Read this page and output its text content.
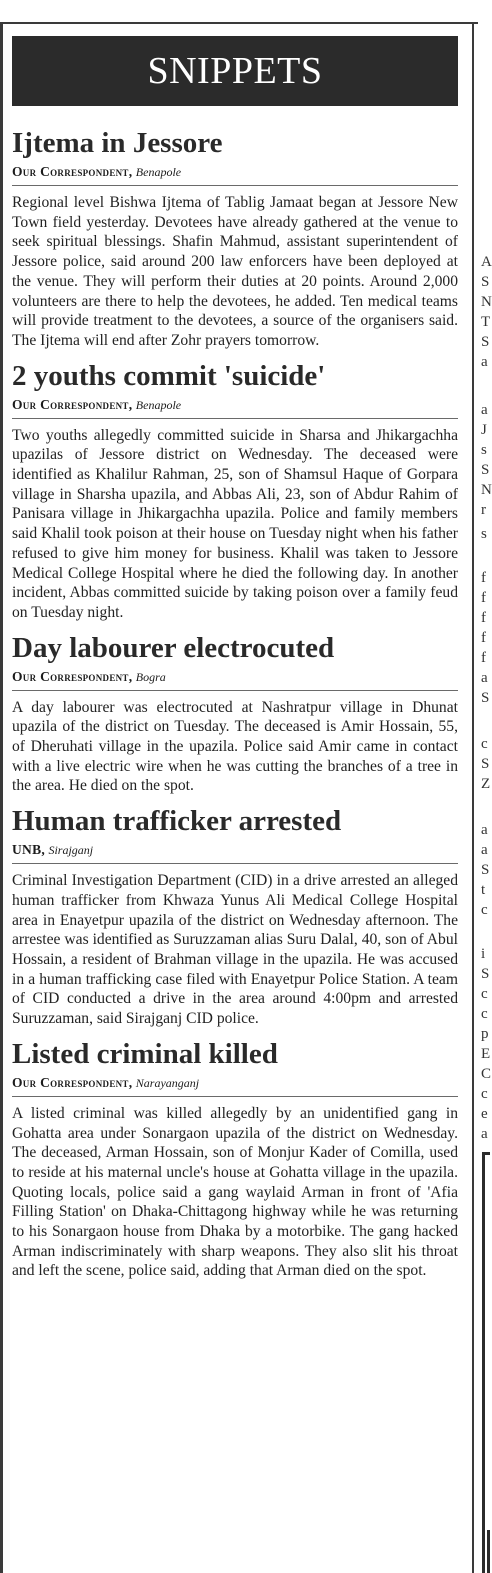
SNIPPETS
Ijtema in Jessore
Our Correspondent, Benapole

Regional level Bishwa Ijtema of Tablig Jamaat began at Jessore New Town field yesterday. Devotees have already gathered at the venue to seek spiritual blessings. Shafin Mahmud, assistant superintendent of Jessore police, said around 200 law enforcers have been deployed at the venue. They will perform their duties at 20 points. Around 2,000 volunteers are there to help the devotees, he added. Ten medical teams will provide treatment to the devotees, a source of the organisers said. The Ijtema will end after Zohr prayers tomorrow.

2 youths commit 'suicide'
Our Correspondent, Benapole

Two youths allegedly committed suicide in Sharsa and Jhikargachha upazilas of Jessore district on Wednesday. The deceased were identified as Khalilur Rahman, 25, son of Shamsul Haque of Gorpara village in Sharsha upazila, and Abbas Ali, 23, son of Abdur Rahim of Panisara village in Jhikargachha upazila. Police and family members said Khalil took poison at their house on Tuesday night when his father refused to give him money for business. Khalil was taken to Jessore Medical College Hospital where he died the following day. In another incident, Abbas committed suicide by taking poison over a family feud on Tuesday night.

Day labourer electrocuted
Our Correspondent, Bogra

A day labourer was electrocuted at Nashratpur village in Dhunat upazila of the district on Tuesday. The deceased is Amir Hossain, 55, of Dheruhati village in the upazila. Police said Amir came in contact with a live electric wire when he was cutting the branches of a tree in the area. He died on the spot.

Human trafficker arrested
UNB, Sirajganj

Criminal Investigation Department (CID) in a drive arrested an alleged human trafficker from Khwaza Yunus Ali Medical College Hospital area in Enayetpur upazila of the district on Wednesday afternoon. The arrestee was identified as Suruzzaman alias Suru Dalal, 40, son of Abul Hossain, a resident of Brahman village in the upazila. He was accused in a human trafficking case filed with Enayetpur Police Station. A team of CID conducted a drive in the area around 4:00pm and arrested Suruzzaman, said Sirajganj CID police.

Listed criminal killed
Our Correspondent, Narayanganj

A listed criminal was killed allegedly by an unidentified gang in Gohatta area under Sonargaon upazila of the district on Wednesday. The deceased, Arman Hossain, son of Monjur Kader of Comilla, used to reside at his maternal uncle's house at Gohatta village in the upazila. Quoting locals, police said a gang waylaid Arman in front of 'Afia Filling Station' on Dhaka-Chittagong highway while he was returning to his Sonargaon house from Dhaka by a motorbike. The gang hacked Arman indiscriminately with sharp weapons. They also slit his throat and left the scene, police said, adding that Arman died on the spot.

A
S
N
T
S
a
a
J
s
S
N
r
s
f
f
f
f
f
a
S
c
S
Z
a
a
S
t
c
i
S
c
c
p
E
C
c
e
a
